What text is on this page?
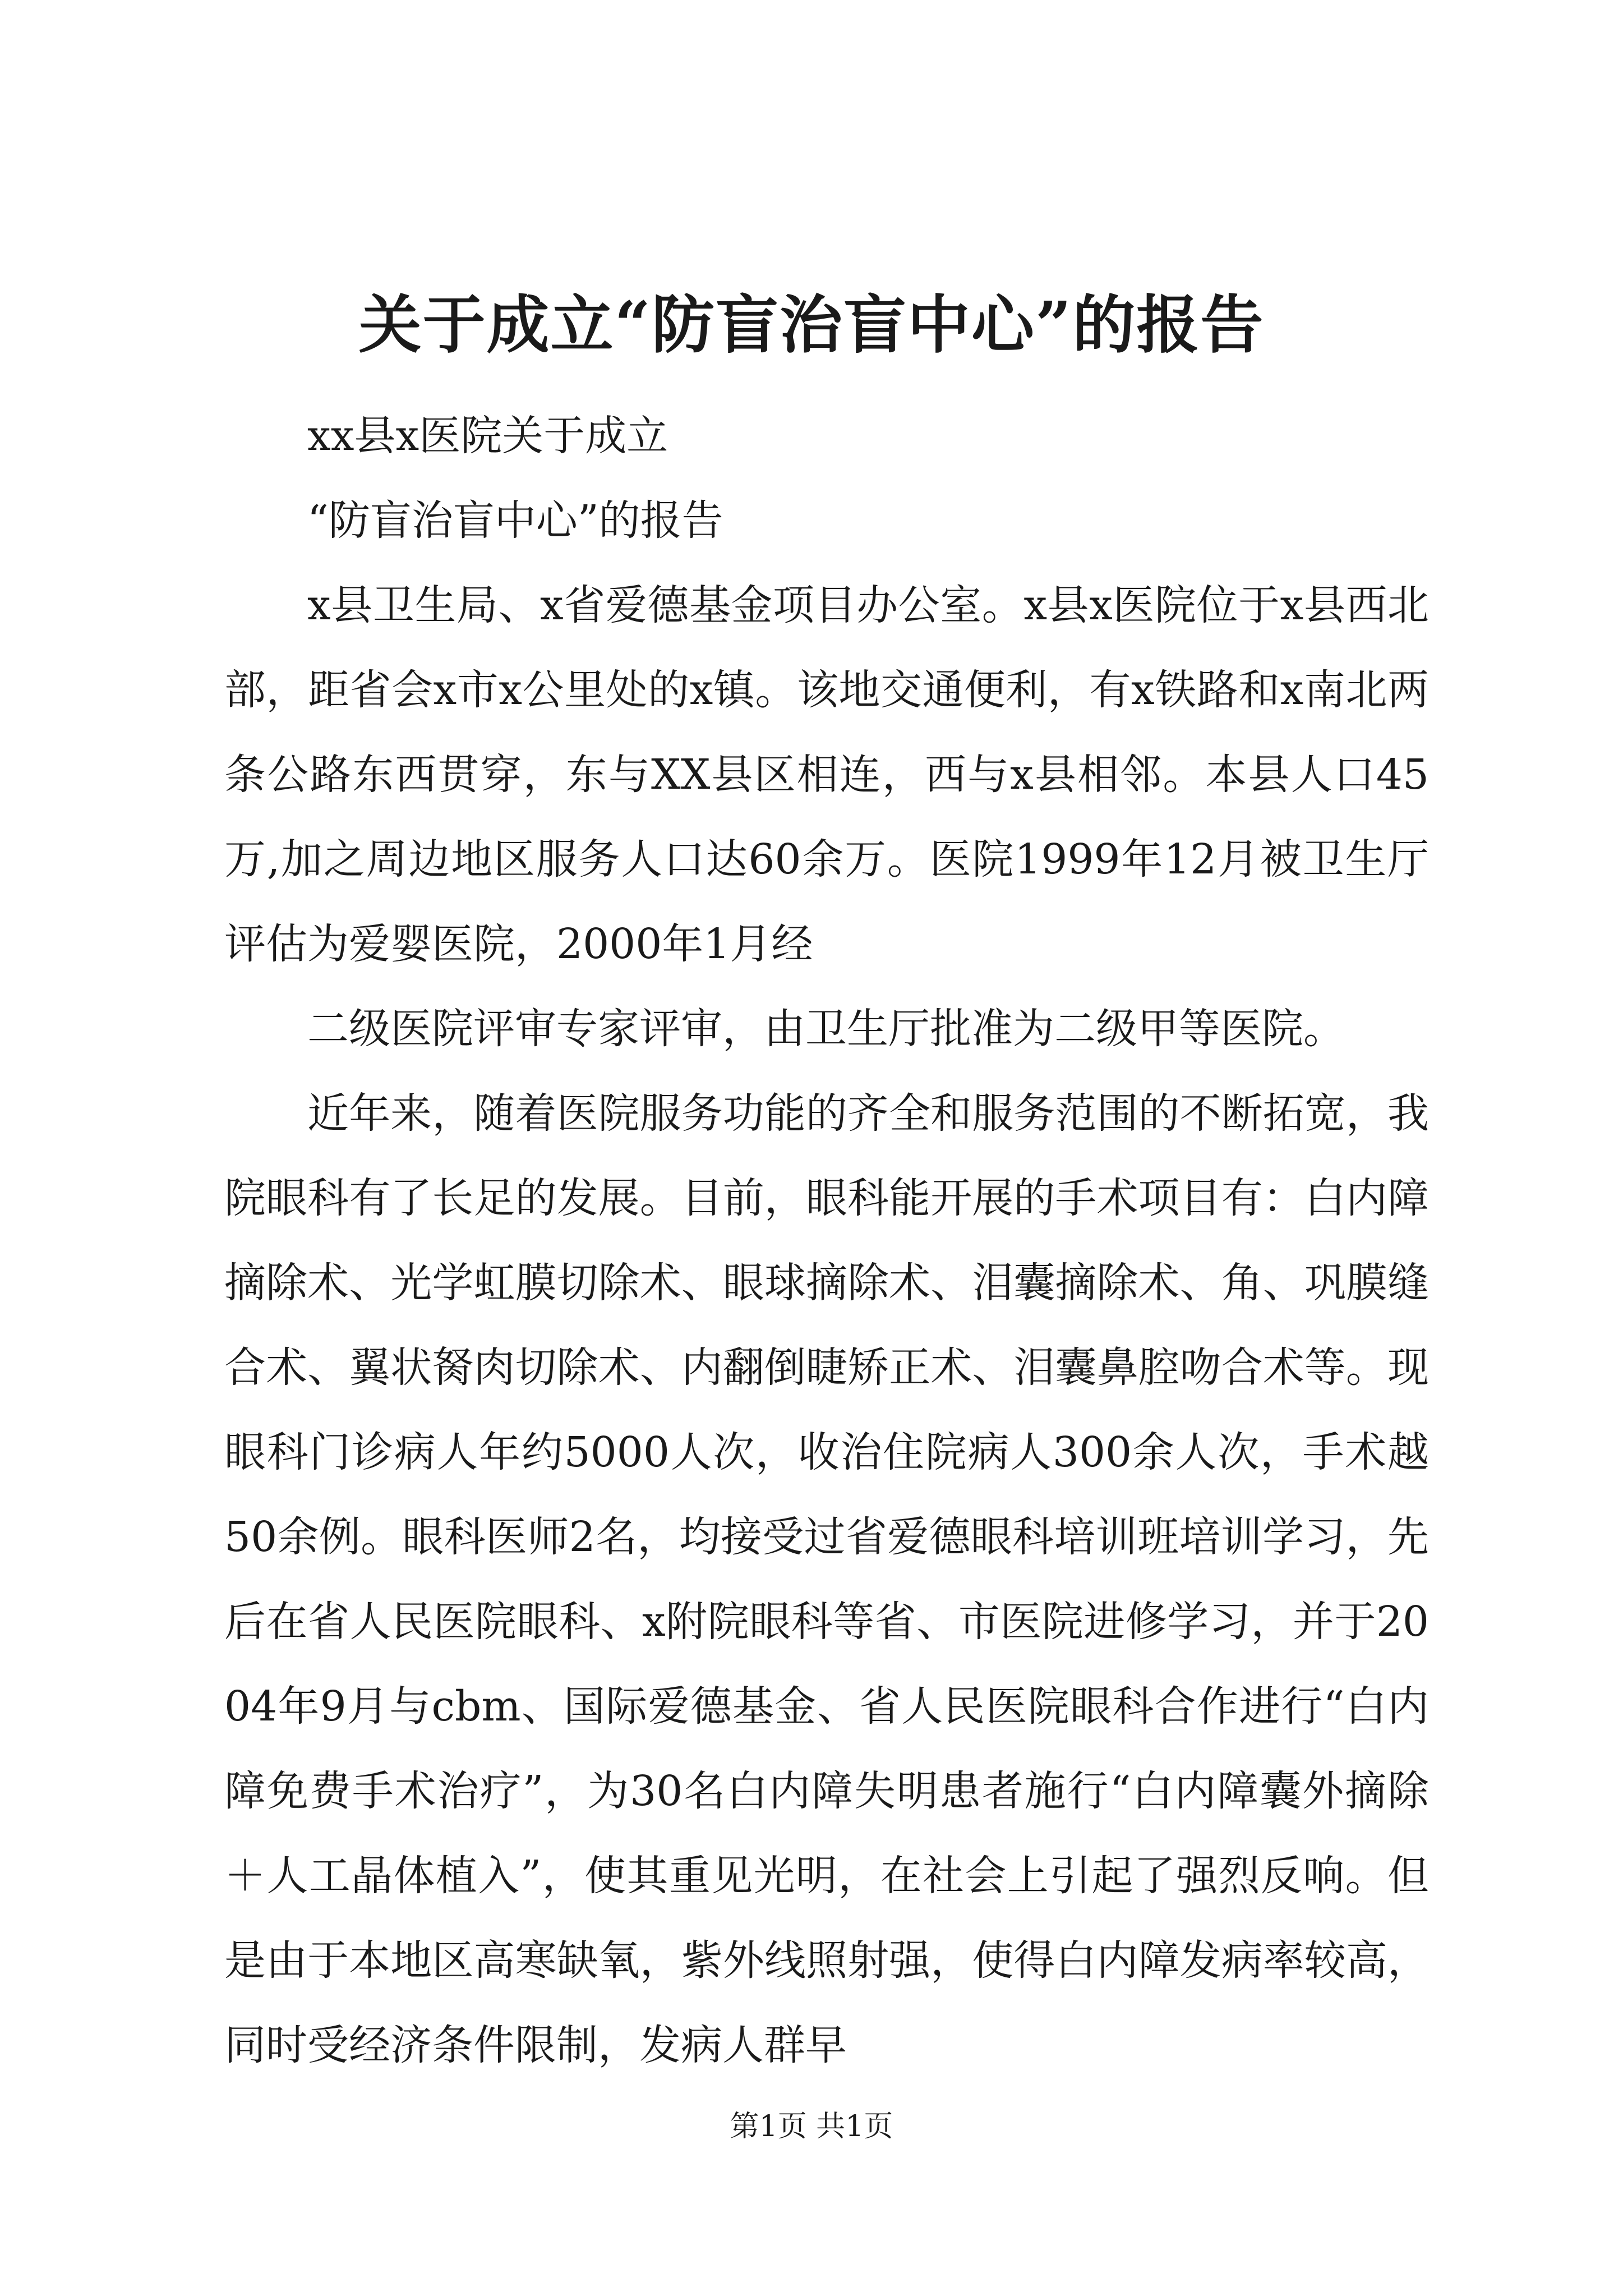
关于成立“防盲治盲中心”的报告

xx县x医院关于成立

“防盲治盲中心”的报告

x县卫生局、x省爱德基金项目办公室。x县x医院位于x县西北部，距省会x市x公里处的x镇。该地交通便利，有x铁路和x南北两条公路东西贯穿，东与XX县区相连，西与x县相邻。本县人口45万,加之周边地区服务人口达60余万。医院1999年12月被卫生厅评估为爱婴医院，2000年1月经

二级医院评审专家评审，由卫生厅批准为二级甲等医院。

近年来，随着医院服务功能的齐全和服务范围的不断拓宽，我院眼科有了长足的发展。目前，眼科能开展的手术项目有：白内障摘除术、光学虹膜切除术、眼球摘除术、泪囊摘除术、角、巩膜缝合术、翼状胬肉切除术、内翻倒睫矫正术、泪囊鼻腔吻合术等。现眼科门诊病人年约5000人次，收治住院病人300余人次，手术越50余例。眼科医师2名，均接受过省爱德眼科培训班培训学习，先后在省人民医院眼科、x附院眼科等省、市医院进修学习，并于2004年9月与cbm、国际爱德基金、省人民医院眼科合作进行“白内障免费手术治疗”，为30名白内障失明患者施行“白内障囊外摘除＋人工晶体植入”，使其重见光明，在社会上引起了强烈反响。但是由于本地区高寒缺氧，紫外线照射强，使得白内障发病率较高，同时受经济条件限制，发病人群早

第1页 共1页
